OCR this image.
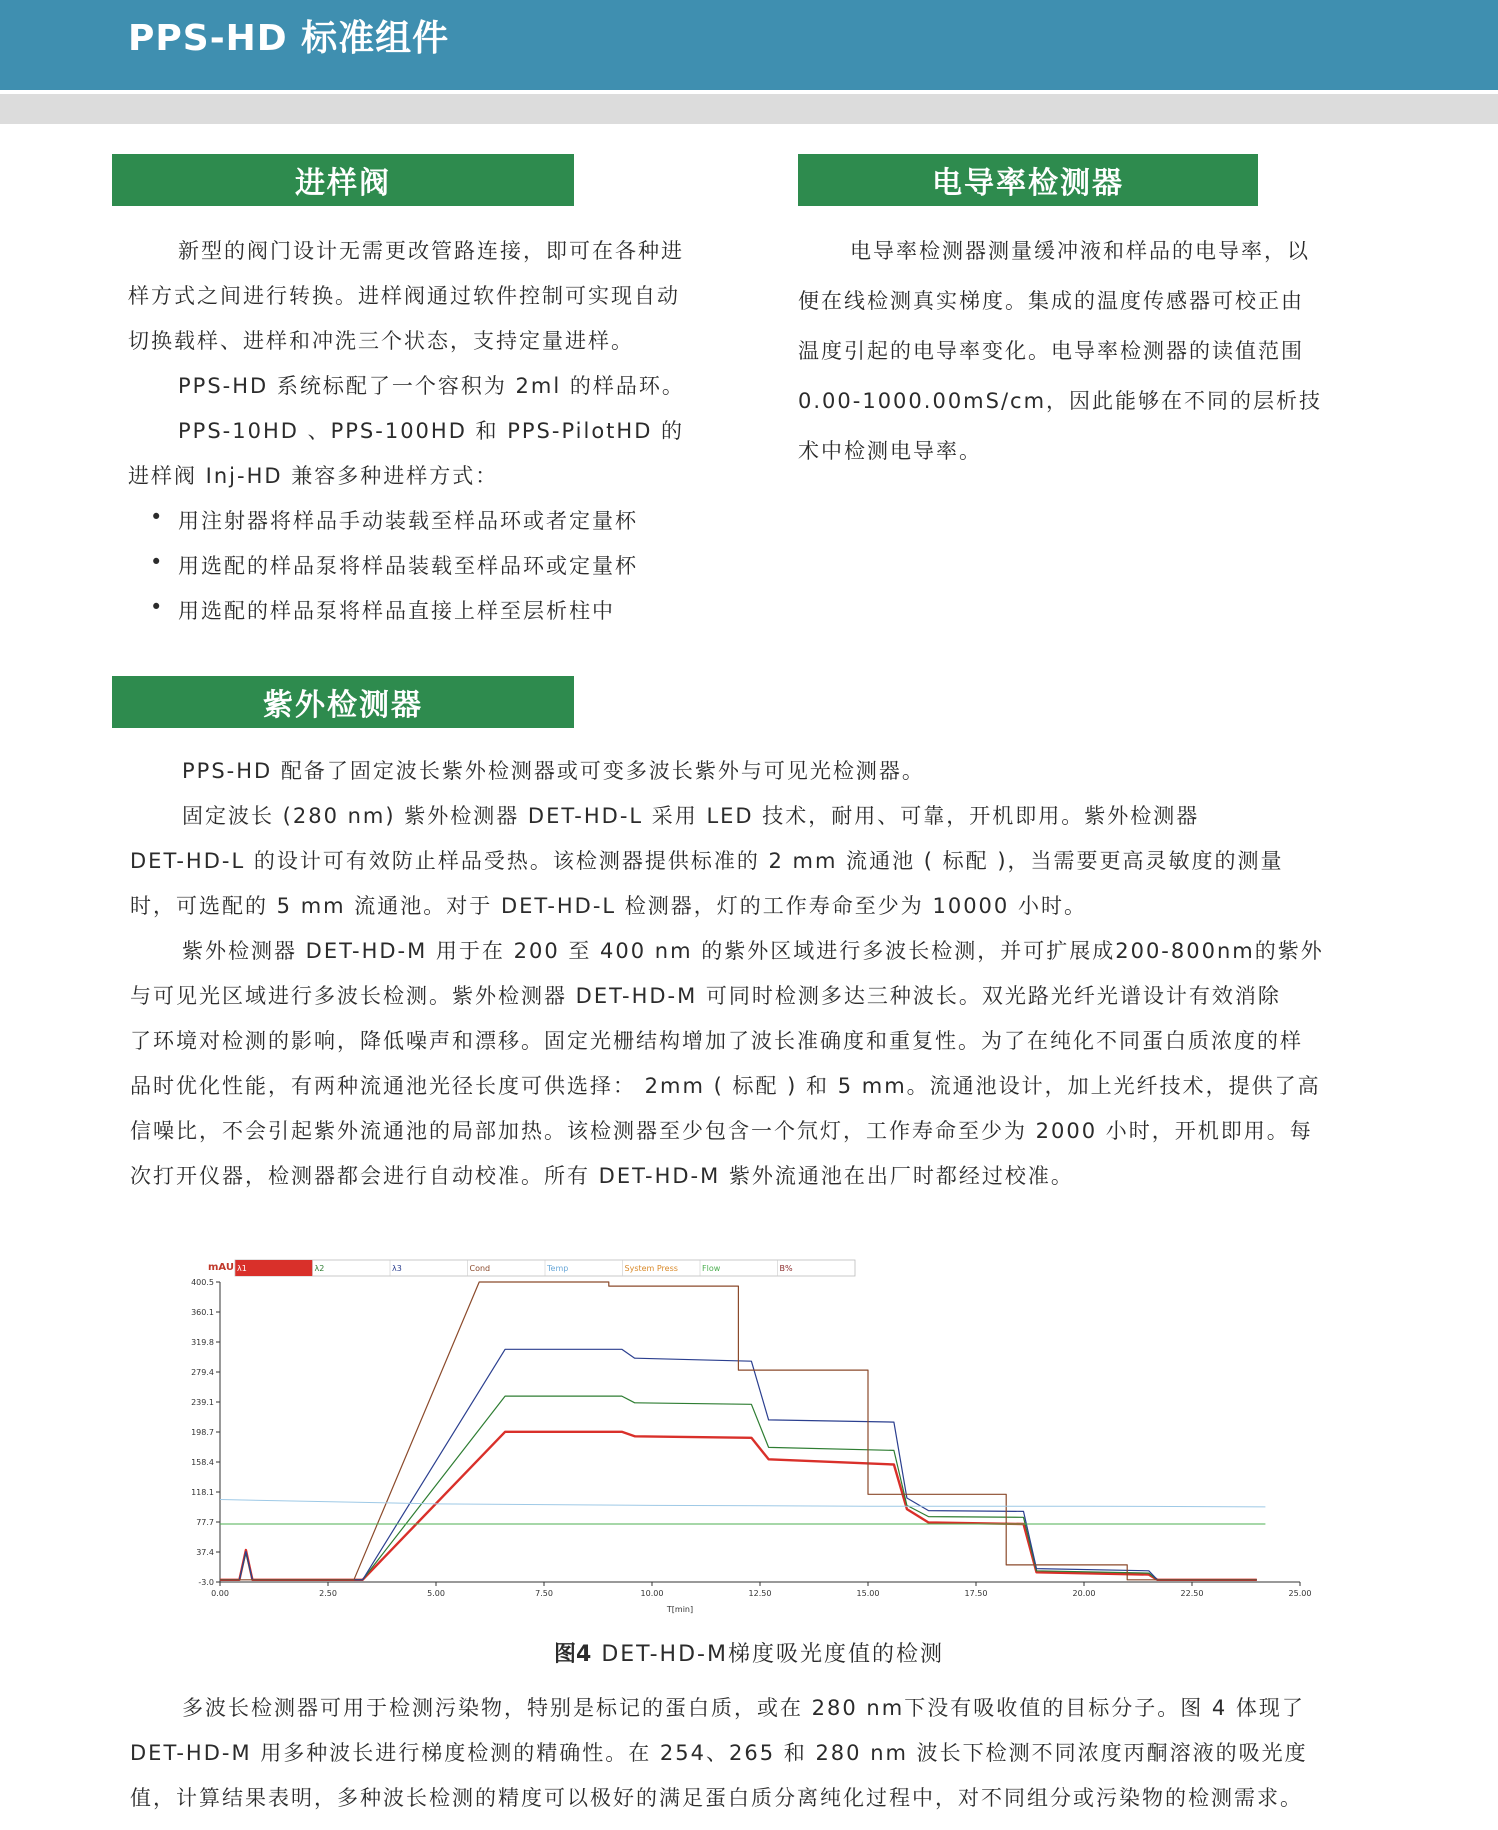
PPS-HD 标准组件
进样阀

新型的阀门设计无需更改管路连接，即可在各种进

样方式之间进行转换。进样阀通过软件控制可实现自动

切换载样、进样和冲洗三个状态，支持定量进样。

PPS-HD 系统标配了一个容积为 2ml 的样品环。

PPS-10HD 、PPS-100HD 和 PPS-PilotHD 的

进样阀 Inj-HD 兼容多种进样方式：

• 用注射器将样品手动装载至样品环或者定量杯

• 用选配的样品泵将样品装载至样品环或定量杯

• 用选配的样品泵将样品直接上样至层析柱中

电导率检测器

电导率检测器测量缓冲液和样品的电导率，以

便在线检测真实梯度。集成的温度传感器可校正由

温度引起的电导率变化。电导率检测器的读值范围

0.00-1000.00mS/cm，因此能够在不同的层析技

术中检测电导率。

紫外检测器

PPS-HD 配备了固定波长紫外检测器或可变多波长紫外与可见光检测器。

固定波长 (280 nm) 紫外检测器 DET-HD-L 采用 LED 技术，耐用、可靠，开机即用。紫外检测器

DET-HD-L 的设计可有效防止样品受热。该检测器提供标准的 2 mm 流通池 ( 标配 )，当需要更高灵敏度的测量

时，可选配的 5 mm 流通池。对于 DET-HD-L 检测器，灯的工作寿命至少为 10000 小时。

紫外检测器 DET-HD-M 用于在 200 至 400 nm 的紫外区域进行多波长检测，并可扩展成200-800nm的紫外

与可见光区域进行多波长检测。紫外检测器 DET-HD-M 可同时检测多达三种波长。双光路光纤光谱设计有效消除

了环境对检测的影响，降低噪声和漂移。固定光栅结构增加了波长准确度和重复性。为了在纯化不同蛋白质浓度的样

品时优化性能，有两种流通池光径长度可供选择： 2mm ( 标配 ) 和 5 mm。流通池设计，加上光纤技术，提供了高

信噪比，不会引起紫外流通池的局部加热。该检测器至少包含一个氘灯，工作寿命至少为 2000 小时，开机即用。每

次打开仪器，检测器都会进行自动校准。所有 DET-HD-M 紫外流通池在出厂时都经过校准。

400.5
360.1
319.8
279.4
239.1
198.7
158.4
118.1
77.7
37.4
-3.0
0.00	2.50	5.00	7.50	10.00	12.50	15.00	17.50	20.00	22.50	25.00
mAU
T[min]
λ1	λ2	λ3	Cond	Temp	System Press	Flow	B%
图4 DET-HD-M梯度吸光度值的检测

多波长检测器可用于检测污染物，特别是标记的蛋白质，或在 280 nm下没有吸收值的目标分子。图 4 体现了

DET-HD-M 用多种波长进行梯度检测的精确性。在 254、265 和 280 nm 波长下检测不同浓度丙酮溶液的吸光度

值，计算结果表明，多种波长检测的精度可以极好的满足蛋白质分离纯化过程中，对不同组分或污染物的检测需求。
